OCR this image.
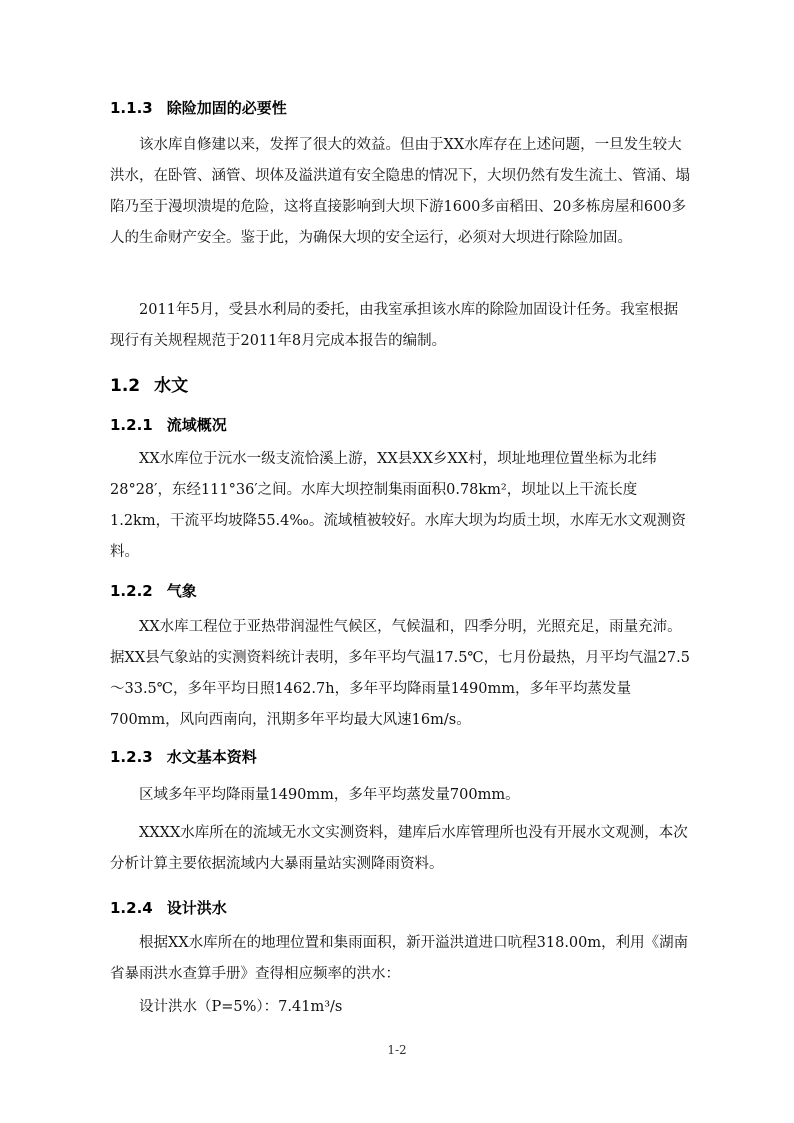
1.1.3 除险加固的必要性

该水库自修建以来，发挥了很大的效益。但由于XX水库存在上述问题，一旦发生较大洪水，在卧管、涵管、坝体及溢洪道有安全隐患的情况下，大坝仍然有发生流土、管涌、塌陷乃至于漫坝溃堤的危险，这将直接影响到大坝下游1600多亩稻田、20多栋房屋和600多人的生命财产安全。鉴于此，为确保大坝的安全运行，必须对大坝进行除险加固。

2011年5月，受县水利局的委托，由我室承担该水库的除险加固设计任务。我室根据现行有关规程规范于2011年8月完成本报告的编制。

1.2 水文
1.2.1 流域概况

XX水库位于沅水一级支流恰溪上游，XX县XX乡XX村，坝址地理位置坐标为北纬28°28′，东经111°36′之间。水库大坝控制集雨面积0.78km²，坝址以上干流长度1.2km，干流平均坡降55.4‰。流域植被较好。水库大坝为均质土坝，水库无水文观测资料。

1.2.2 气象

XX水库工程位于亚热带润湿性气候区，气候温和，四季分明，光照充足，雨量充沛。据XX县气象站的实测资料统计表明，多年平均气温17.5℃，七月份最热，月平均气温27.5～33.5℃，多年平均日照1462.7h，多年平均降雨量1490mm，多年平均蒸发量700mm，风向西南向，汛期多年平均最大风速16m/s。

1.2.3 水文基本资料

区域多年平均降雨量1490mm，多年平均蒸发量700mm。

XXXX水库所在的流域无水文实测资料，建库后水库管理所也没有开展水文观测，本次分析计算主要依据流域内大暴雨量站实测降雨资料。

1.2.4 设计洪水

根据XX水库所在的地理位置和集雨面积，新开溢洪道进口吭程318.00m，利用《湖南省暴雨洪水查算手册》查得相应频率的洪水：

设计洪水（P=5%）：7.41m³/s

1-2
